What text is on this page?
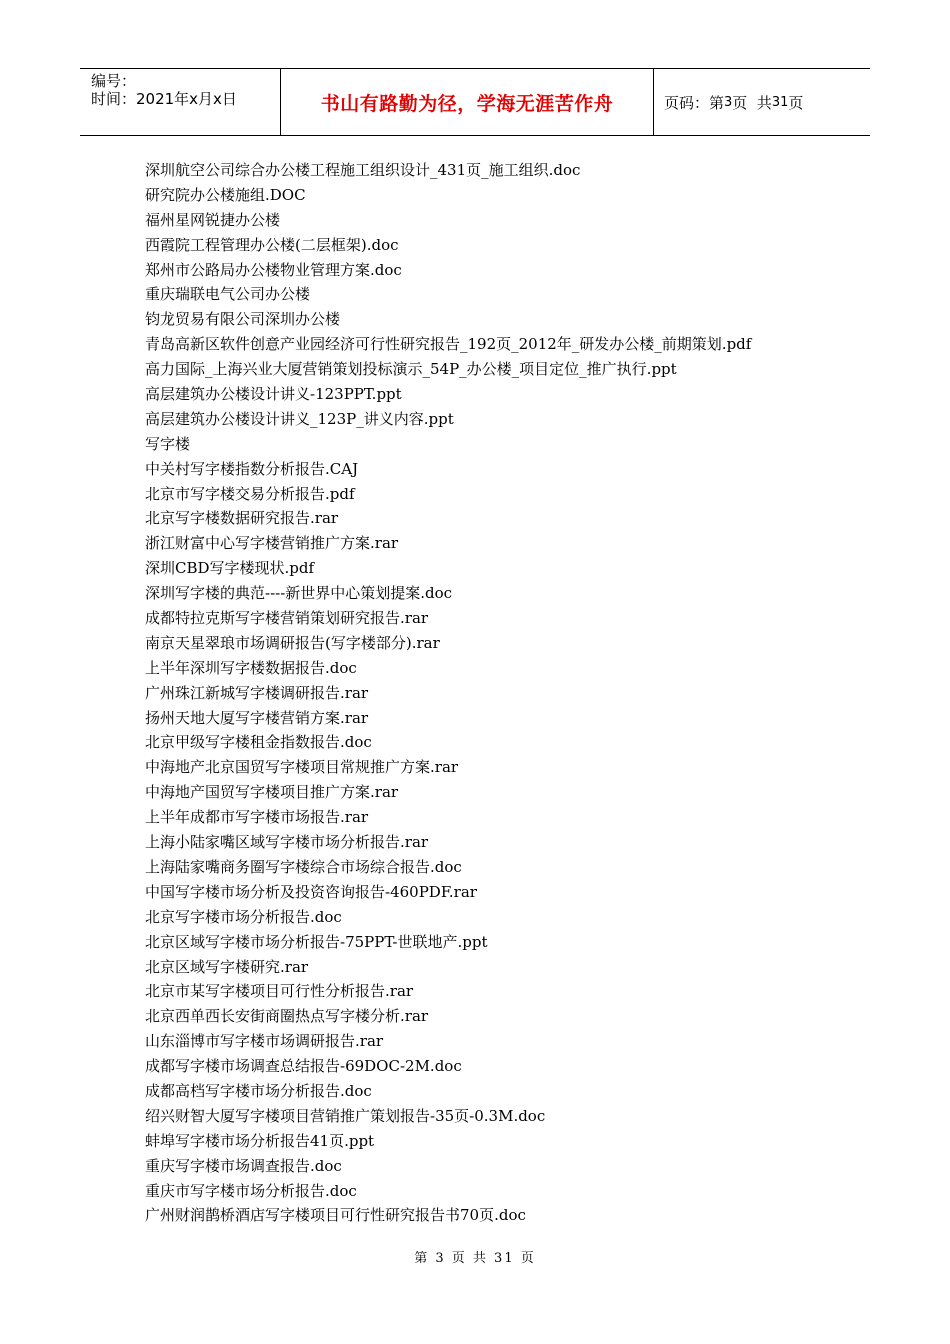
编号：
时间：2021年x月x日	书山有路勤为径，学海无涯苦作舟	页码：第 3 页  共 31 页
深圳航空公司综合办公楼工程施工组织设计_431页_施工组织.doc
研究院办公楼施组.DOC
福州星网锐捷办公楼
西霞院工程管理办公楼(二层框架).doc
郑州市公路局办公楼物业管理方案.doc
重庆瑞联电气公司办公楼
钧龙贸易有限公司深圳办公楼
青岛高新区软件创意产业园经济可行性研究报告_192页_2012年_研发办公楼_前期策划.pdf
高力国际_上海兴业大厦营销策划投标演示_54P_办公楼_项目定位_推广执行.ppt
高层建筑办公楼设计讲义-123PPT.ppt
高层建筑办公楼设计讲义_123P_讲义内容.ppt
写字楼
中关村写字楼指数分析报告.CAJ
北京市写字楼交易分析报告.pdf
北京写字楼数据研究报告.rar
浙江财富中心写字楼营销推广方案.rar
深圳CBD写字楼现状.pdf
深圳写字楼的典范----新世界中心策划提案.doc
成都特拉克斯写字楼营销策划研究报告.rar
南京天星翠琅市场调研报告(写字楼部分).rar
上半年深圳写字楼数据报告.doc
广州珠江新城写字楼调研报告.rar
扬州天地大厦写字楼营销方案.rar
北京甲级写字楼租金指数报告.doc
中海地产北京国贸写字楼项目常规推广方案.rar
中海地产国贸写字楼项目推广方案.rar
上半年成都市写字楼市场报告.rar
上海小陆家嘴区域写字楼市场分析报告.rar
上海陆家嘴商务圈写字楼综合市场综合报告.doc
中国写字楼市场分析及投资咨询报告-460PDF.rar
北京写字楼市场分析报告.doc
北京区域写字楼市场分析报告-75PPT-世联地产.ppt
北京区域写字楼研究.rar
北京市某写字楼项目可行性分析报告.rar
北京西单西长安街商圈热点写字楼分析.rar
山东淄博市写字楼市场调研报告.rar
成都写字楼市场调查总结报告-69DOC-2M.doc
成都高档写字楼市场分析报告.doc
绍兴财智大厦写字楼项目营销推广策划报告-35页-0.3M.doc
蚌埠写字楼市场分析报告41页.ppt
重庆写字楼市场调查报告.doc
重庆市写字楼市场分析报告.doc
广州财润鹊桥酒店写字楼项目可行性研究报告书70页.doc
第 3 页 共 31 页
